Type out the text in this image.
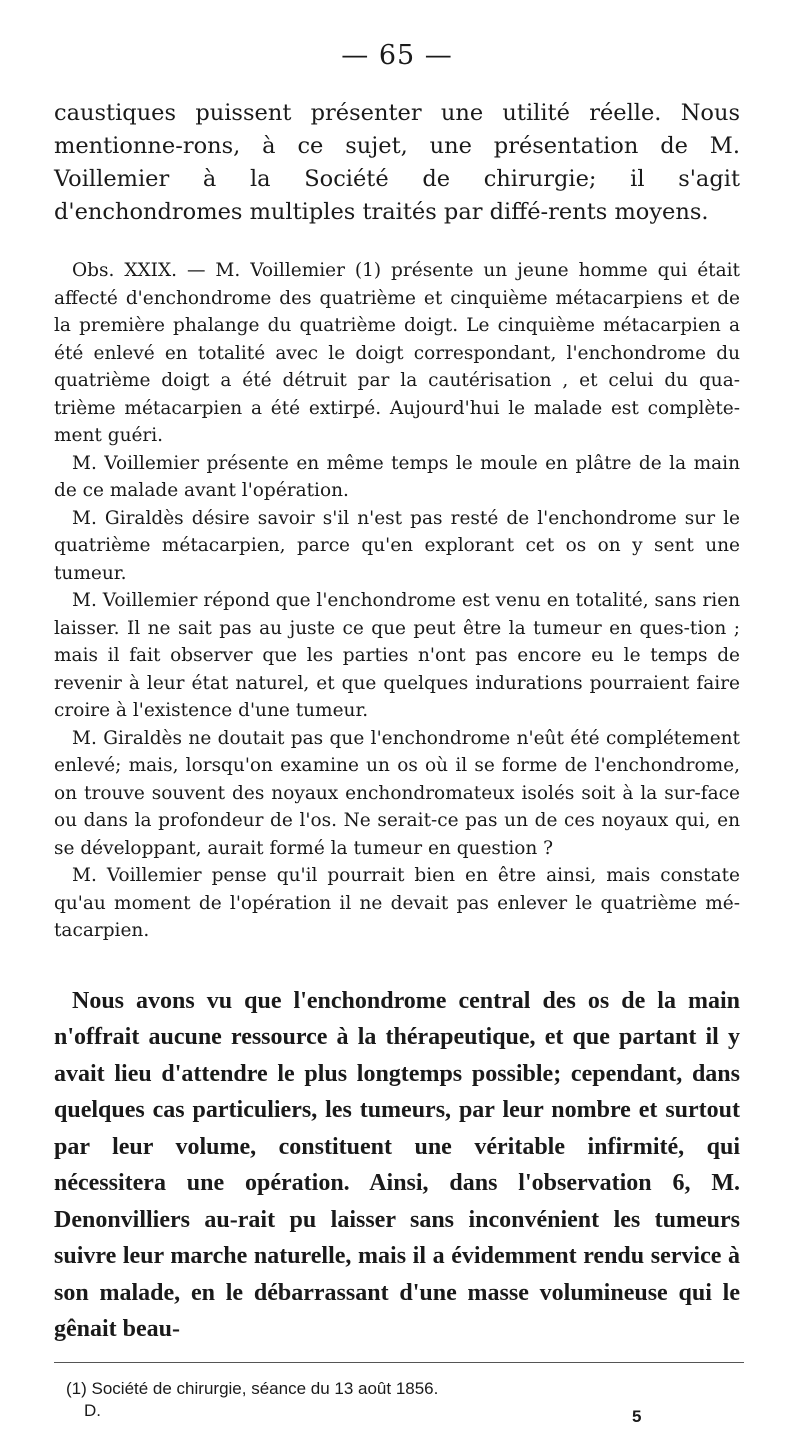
— 65 —

caustiques puissent présenter une utilité réelle. Nous mentionne-rons, à ce sujet, une présentation de M. Voillemier à la Société de chirurgie; il s'agit d'enchondromes multiples traités par diffé-rents moyens.

Obs. XXIX. — M. Voillemier (1) présente un jeune homme qui était affecté d'enchondrome des quatrième et cinquième métacarpiens et de la première phalange du quatrième doigt. Le cinquième métacarpien a été enlevé en totalité avec le doigt correspondant, l'enchondrome du quatrième doigt a été détruit par la cautérisation , et celui du qua-trième métacarpien a été extirpé. Aujourd'hui le malade est complète-ment guéri.

M. Voillemier présente en même temps le moule en plâtre de la main de ce malade avant l'opération.

M. Giraldès désire savoir s'il n'est pas resté de l'enchondrome sur le quatrième métacarpien, parce qu'en explorant cet os on y sent une tumeur.

M. Voillemier répond que l'enchondrome est venu en totalité, sans rien laisser. Il ne sait pas au juste ce que peut être la tumeur en ques-tion ; mais il fait observer que les parties n'ont pas encore eu le temps de revenir à leur état naturel, et que quelques indurations pourraient faire croire à l'existence d'une tumeur.

M. Giraldès ne doutait pas que l'enchondrome n'eût été complétement enlevé; mais, lorsqu'on examine un os où il se forme de l'enchondrome, on trouve souvent des noyaux enchondromateux isolés soit à la sur-face ou dans la profondeur de l'os. Ne serait-ce pas un de ces noyaux qui, en se développant, aurait formé la tumeur en question ?

M. Voillemier pense qu'il pourrait bien en être ainsi, mais constate qu'au moment de l'opération il ne devait pas enlever le quatrième mé-tacarpien.

Nous avons vu que l'enchondrome central des os de la main n'offrait aucune ressource à la thérapeutique, et que partant il y avait lieu d'attendre le plus longtemps possible; cependant, dans quelques cas particuliers, les tumeurs, par leur nombre et surtout par leur volume, constituent une véritable infirmité, qui nécessitera une opération. Ainsi, dans l'observation 6, M. Denonvilliers au-rait pu laisser sans inconvénient les tumeurs suivre leur marche naturelle, mais il a évidemment rendu service à son malade, en le débarrassant d'une masse volumineuse qui le gênait beau-

(1) Société de chirurgie, séance du 13 août 1856.
D.	5
